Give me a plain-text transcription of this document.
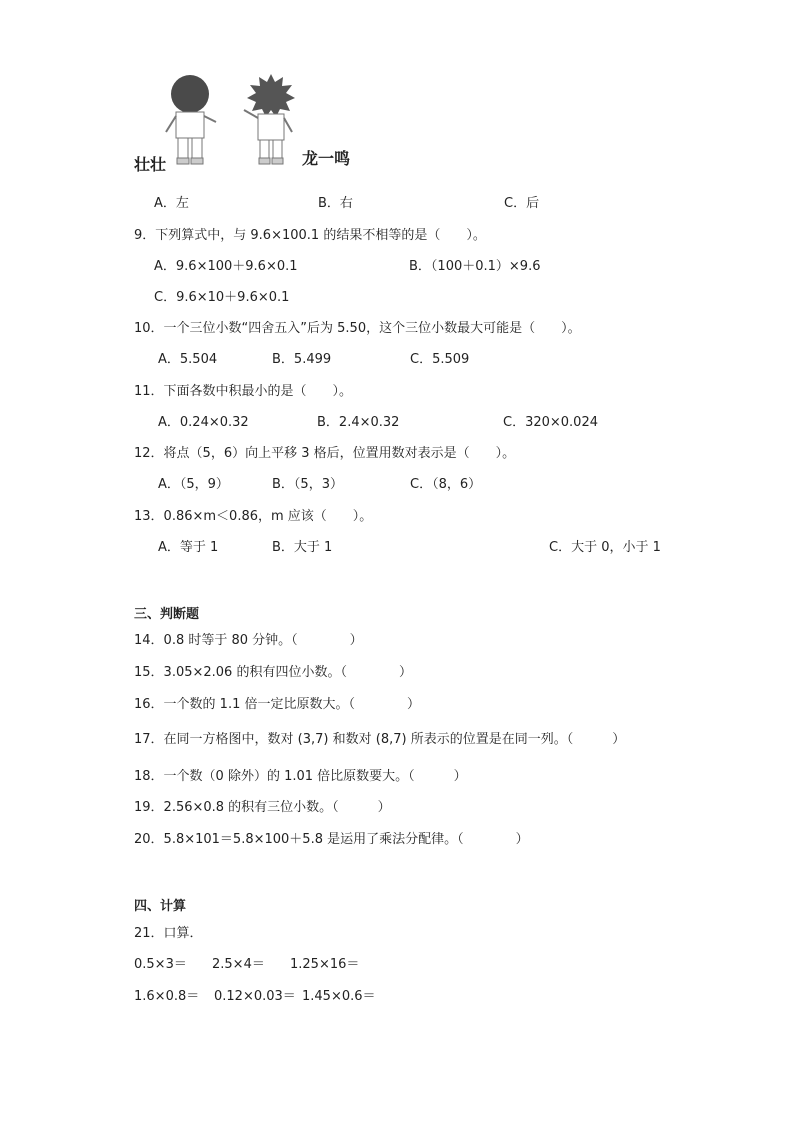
壮壮	龙一鸣
A．左	B．右	C．后
9．下列算式中，与 9.6×100.1 的结果不相等的是（　　）。
A．9.6×100＋9.6×0.1	B．（100＋0.1）×9.6
C．9.6×10＋9.6×0.1
10．一个三位小数“四舍五入”后为 5.50，这个三位小数最大可能是（　　）。
A．5.504	B．5.499	C．5.509
11．下面各数中积最小的是（　　）。
A．0.24×0.32	B．2.4×0.32	C．320×0.024
12．将点（5，6）向上平移 3 格后，位置用数对表示是（　　）。
A．（5，9）	B．（5，3）	C．（8，6）
13．0.86×m＜0.86，m 应该（　　）。
A．等于 1	B．大于 1	C．大于 0，小于 1
三、判断题
14．0.8 时等于 80 分钟。（　　　　）
15．3.05×2.06 的积有四位小数。（　　　　）
16．一个数的 1.1 倍一定比原数大。（　　　　）
17．在同一方格图中，数对 (3,7) 和数对 (8,7) 所表示的位置是在同一列。（　　　）
18．一个数（0 除外）的 1.01 倍比原数要大。（　　　）
19．2.56×0.8 的积有三位小数。（　　　）
20．5.8×101＝5.8×100＋5.8 是运用了乘法分配律。（　　　　）
四、计算
21．口算．
0.5×3＝ 2.5×4＝ 1.25×16＝
1.6×0.8＝ 0.12×0.03＝ 1.45×0.6＝
